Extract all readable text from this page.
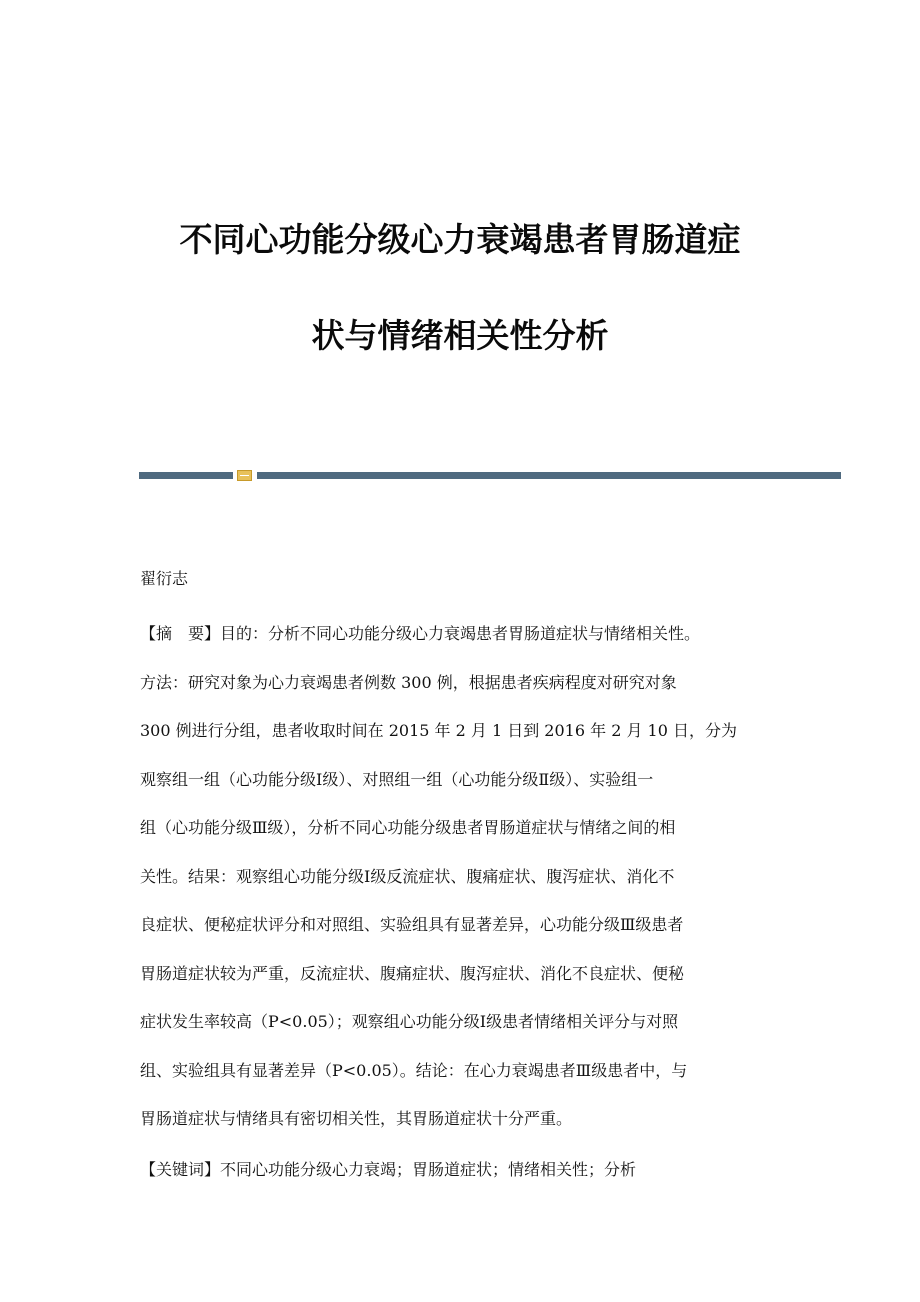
不同心功能分级心力衰竭患者胃肠道症
状与情绪相关性分析
翟衍志
【摘　要】目的：分析不同心功能分级心力衰竭患者胃肠道症状与情绪相关性。
方法：研究对象为心力衰竭患者例数 300 例，根据患者疾病程度对研究对象
300 例进行分组，患者收取时间在 2015 年 2 月 1 日到 2016 年 2 月 10 日，分为
观察组一组（心功能分级Ⅰ级）、对照组一组（心功能分级Ⅱ级）、实验组一
组（心功能分级Ⅲ级），分析不同心功能分级患者胃肠道症状与情绪之间的相
关性。结果：观察组心功能分级Ⅰ级反流症状、腹痛症状、腹泻症状、消化不
良症状、便秘症状评分和对照组、实验组具有显著差异，心功能分级Ⅲ级患者
胃肠道症状较为严重，反流症状、腹痛症状、腹泻症状、消化不良症状、便秘
症状发生率较高（P<0.05）；观察组心功能分级Ⅰ级患者情绪相关评分与对照
组、实验组具有显著差异（P<0.05）。结论：在心力衰竭患者Ⅲ级患者中，与
胃肠道症状与情绪具有密切相关性，其胃肠道症状十分严重。
【关键词】不同心功能分级心力衰竭；胃肠道症状；情绪相关性；分析
